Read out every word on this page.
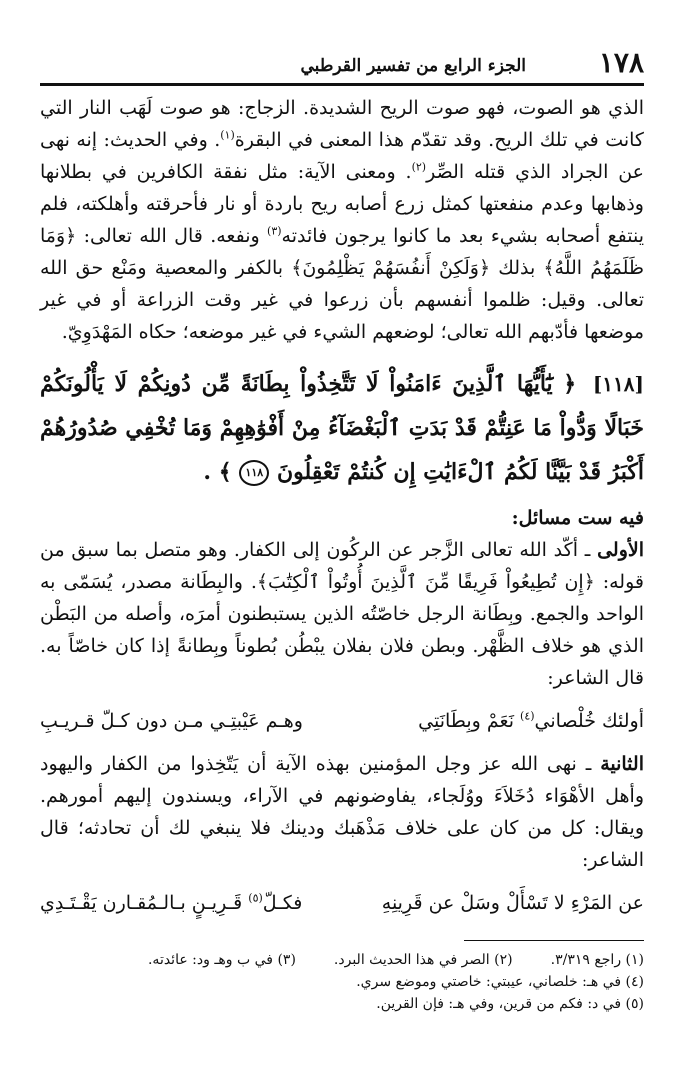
١٧٨
الجزء الرابع من تفسير القرطبي

الذي هو الصوت، فهو صوت الريح الشديدة. الزجاج: هو صوت لَهَب النار التي كانت في تلك الريح. وقد تقدّم هذا المعنى في البقرة$^{(١)}$. وفي الحديث: إنه نهى عن الجراد الذي قتله الصِّر$^{(٢)}$. ومعنى الآية: مثل نفقة الكافرين في بطلانها وذهابها وعدم منفعتها كمثل زرع أصابه ريح باردة أو نار فأحرقته وأهلكته، فلم ينتفع أصحابه بشيء بعد ما كانوا يرجون فائدته$^{(٣)}$ ونفعه. قال الله تعالى: ﴿وَمَا ظَلَمَهُمُ اللَّهُ﴾ بذلك ﴿وَلَكِنْ أَنفُسَهُمْ يَظْلِمُونَ﴾ بالكفر والمعصية ومَنْع حق الله تعالى. وقيل: ظلموا أنفسهم بأن زرعوا في غير وقت الزراعة أو في غير موضعها فأدّبهم الله تعالى؛ لوضعهم الشيء في غير موضعه؛ حكاه المَهْدَوِيّ.

[١١٨] ﴿ يَٰٓأَيُّهَا ٱلَّذِينَ ءَامَنُواْ لَا تَتَّخِذُواْ بِطَانَةً مِّن دُونِكُمْ لَا يَأْلُونَكُمْ خَبَالًا وَدُّواْ مَا عَنِتُّمْ قَدْ بَدَتِ ٱلْبَغْضَآءُ مِنْ أَفْوَٰهِهِمْ وَمَا تُخْفِي صُدُورُهُمْ أَكْبَرُ قَدْ بَيَّنَّا لَكُمُ ٱلْءَايَٰتِ إِن كُنتُمْ تَعْقِلُونَ ١١٨ ﴾ .

فيه ست مسائل:

الأولى ـ أكّد الله تعالى الزَّجر عن الركُون إلى الكفار. وهو متصل بما سبق من قوله: ﴿إِن تُطِيعُواْ فَرِيقًا مِّنَ ٱلَّذِينَ أُوتُواْ ٱلْكِتَٰبَ﴾. والبِطَانة مصدر، يُسَمّى به الواحد والجمع. وبِطَانة الرجل خاصّتُه الذين يستبطنون أمرَه، وأصله من البَطْن الذي هو خلاف الظَّهْر. وبطن فلان بفلان يبْطُن بُطوناً وبِطانةً إذا كان خاصّاً به. قال الشاعر:

أولئك خُلْصاني$^{(٤)}$ نَعَمْ وبِطَانَتِي
وهـم عَيْبتِـي مـن دون كـلّ قـريـبِ

الثانية ـ نهى الله عز وجل المؤمنين بهذه الآية أن يَتّخِذوا من الكفار واليهود وأهل الأهْوَاء دُخَلاَءَ ووُلَجاء، يفاوضونهم في الآراء، ويسندون إليهم أمورهم. ويقال: كل من كان على خلاف مَذْهَبك ودينك فلا ينبغي لك أن تحادثه؛ قال الشاعر:

عن المَرْءِ لا تَسْأَلْ وسَلْ عن قَرِينِهِ
فكـلّ$^{(٥)}$ قَـرِيـنٍ بـالـمُقـارن يَقْـتَـدِي
(١) راجع ٣/٣١٩.
(٢) الصر في هذا الحديث البرد.
(٣) في ب وهـ ود: عائدته.
(٤) في هـ: خلصاني، عيبتي: خاصتي وموضع سري.
(٥) في د: فكم من قرين، وفي هـ: فإن القرين.
